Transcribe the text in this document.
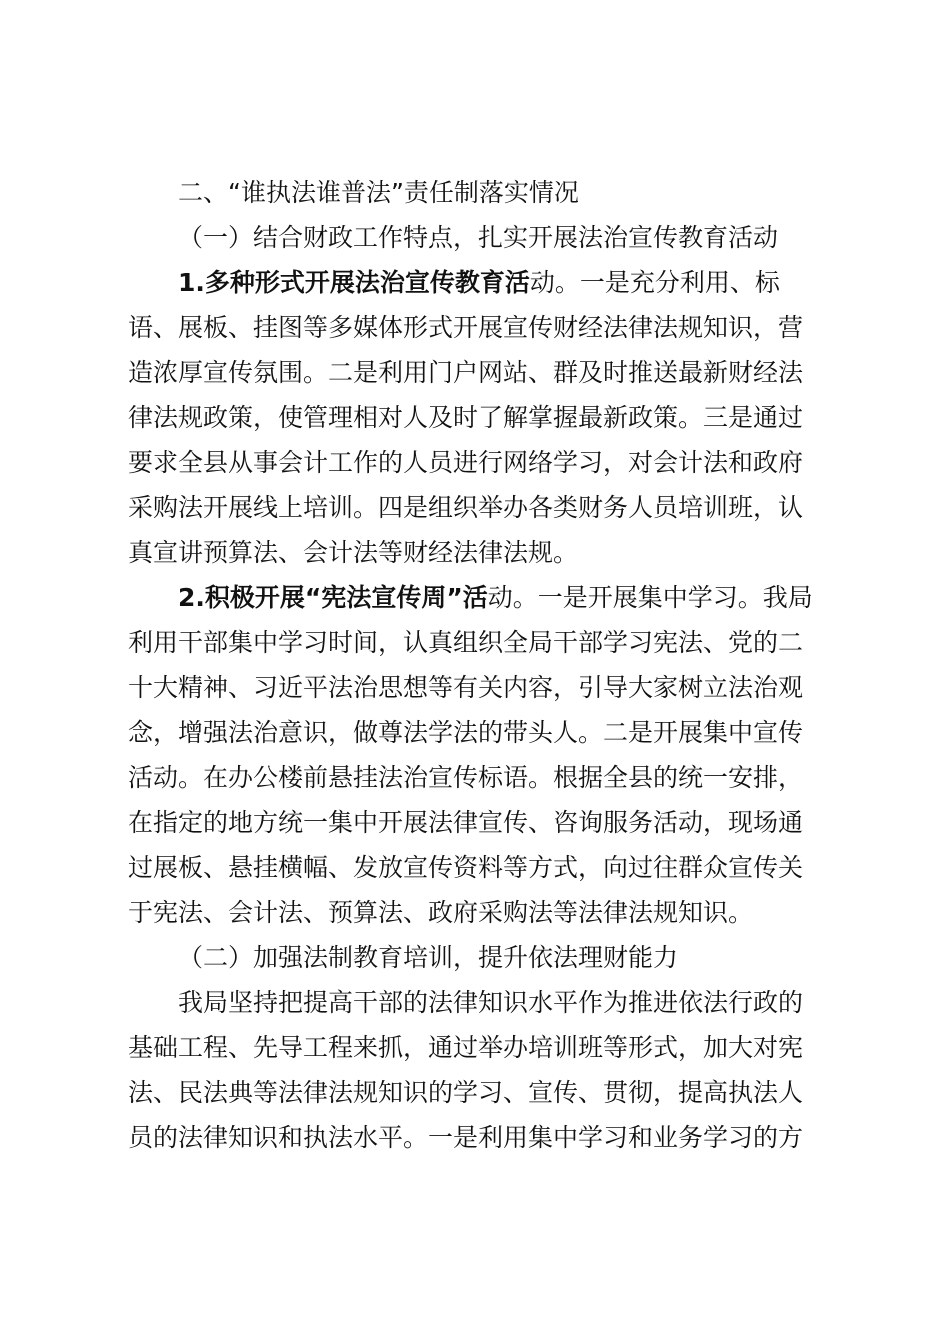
二、“谁执法谁普法”责任制落实情况
（一）结合财政工作特点，扎实开展法治宣传教育活动
1.多种形式开展法治宣传教育活动。一是充分利用、标
语、展板、挂图等多媒体形式开展宣传财经法律法规知识，营
造浓厚宣传氛围。二是利用门户网站、群及时推送最新财经法
律法规政策，使管理相对人及时了解掌握最新政策。三是通过
要求全县从事会计工作的人员进行网络学习，对会计法和政府
采购法开展线上培训。四是组织举办各类财务人员培训班，认
真宣讲预算法、会计法等财经法律法规。
2.积极开展“宪法宣传周”活动。一是开展集中学习。我局
利用干部集中学习时间，认真组织全局干部学习宪法、党的二
十大精神、习近平法治思想等有关内容，引导大家树立法治观
念，增强法治意识，做尊法学法的带头人。二是开展集中宣传
活动。在办公楼前悬挂法治宣传标语。根据全县的统一安排，
在指定的地方统一集中开展法律宣传、咨询服务活动，现场通
过展板、悬挂横幅、发放宣传资料等方式，向过往群众宣传关
于宪法、会计法、预算法、政府采购法等法律法规知识。
（二）加强法制教育培训，提升依法理财能力
我局坚持把提高干部的法律知识水平作为推进依法行政的
基础工程、先导工程来抓，通过举办培训班等形式，加大对宪
法、民法典等法律法规知识的学习、宣传、贯彻，提高执法人
员的法律知识和执法水平。一是利用集中学习和业务学习的方
